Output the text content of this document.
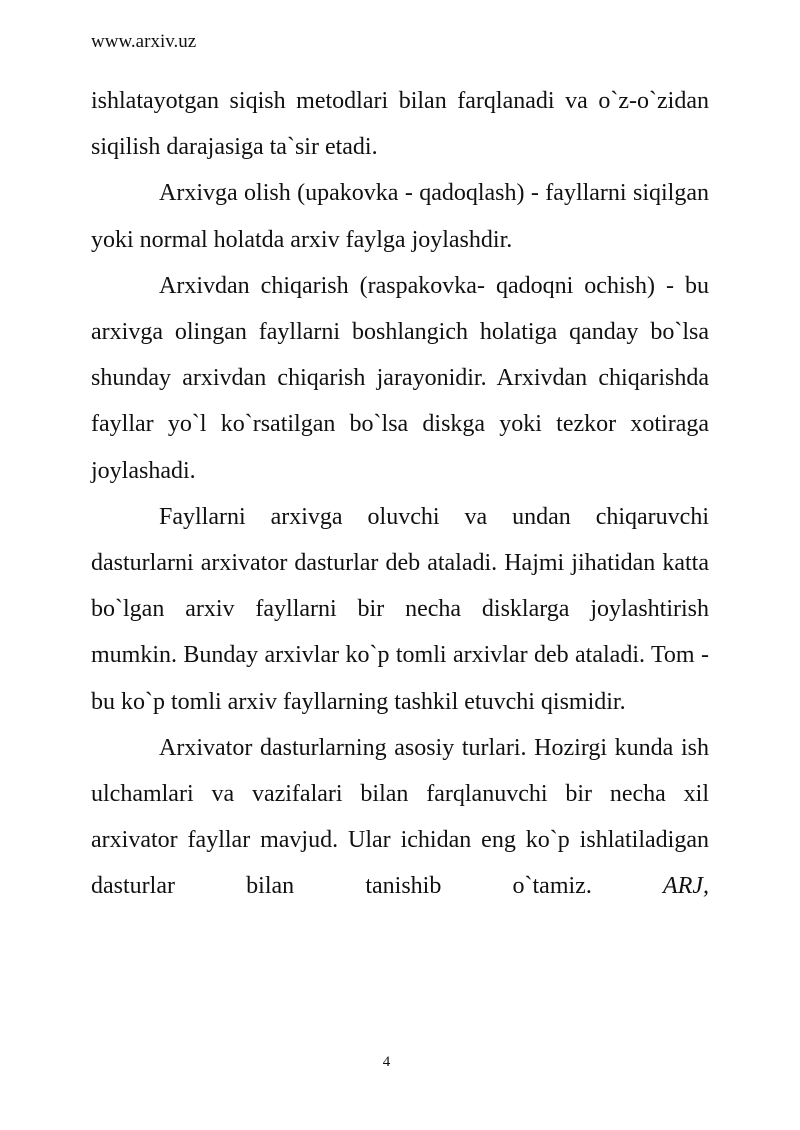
www.arxiv.uz

ishlatayotgan siqish metodlari bilan farqlanadi va o`z-o`zidan siqilish darajasiga ta`sir etadi.

Arxivga olish (upakovka - qadoqlash) - fayllarni siqilgan yoki normal holatda arxiv faylga joylashdir.

Arxivdan chiqarish (raspakovka- qadoqni ochish) - bu arxivga olingan fayllarni boshlangich holatiga qanday bo`lsa shunday arxivdan chiqarish jarayonidir. Arxivdan chiqarishda fayllar yo`l ko`rsatilgan bo`lsa diskga yoki tezkor xotiraga joylashadi.

Fayllarni arxivga oluvchi va undan chiqaruvchi dasturlarni arxivator dasturlar deb ataladi. Hajmi jihatidan katta bo`lgan arxiv fayllarni bir necha disklarga joylashtirish mumkin. Bunday arxivlar ko`p tomli arxivlar deb ataladi. Tom - bu ko`p tomli arxiv fayllarning tashkil etuvchi qismidir.

Arxivator dasturlarning asosiy turlari. Hozirgi kunda ish ulchamlari va vazifalari bilan farqlanuvchi bir necha xil arxivator fayllar mavjud. Ular ichidan eng ko`p ishlatiladigan dasturlar bilan tanishib o`tamiz.	ARJ,

4
